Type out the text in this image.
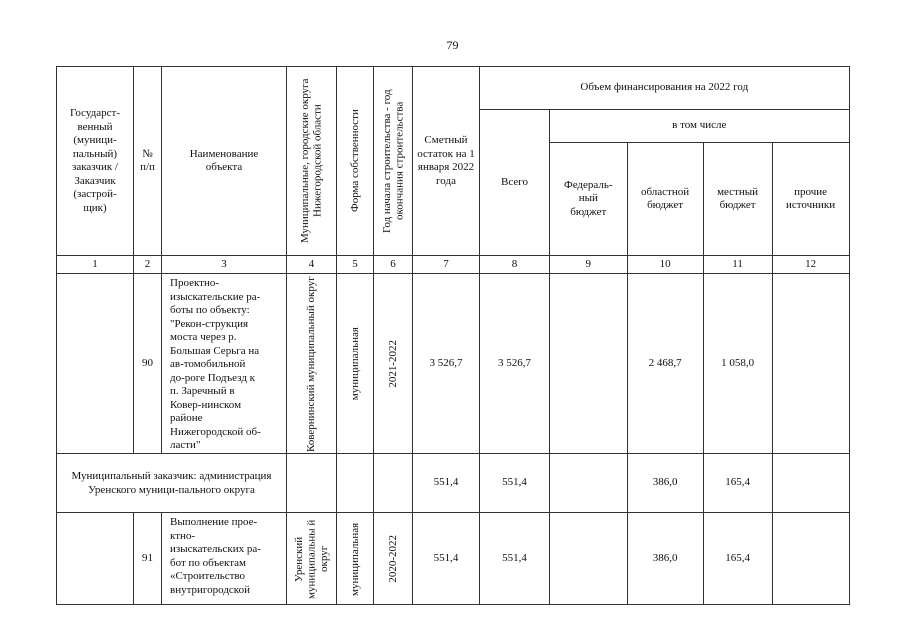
79
Государст-венный (муници-пальный) заказчик / Заказчик (застрой-щик)	№ п/п	Наименование объекта	Муниципальные, городские округа Нижегородской области	Форма собственности	Год начала строительства - год окончания строительства	Сметный остаток на 1 января 2022 года	Объем финансирования на 2022 год				
							Всего	в том числе			

								Федераль-ный бюджет	областной бюджет	местный бюджет	прочие источники

1	2	3	4	5	6	7	8	9	10	11	12
	90	Проектно-изыскательские ра-боты по объекту: "Рекон-струкция моста через р. Большая Серьга на ав-томобильной до-роге Подъезд к п. Заречный в Ковер-нинском районе Нижегородской об-ласти"	Ковернинский муниципальный округ	муниципальная	2021-2022	3 526,7	3 526,7		2 468,7	1 058,0	
Муниципальный заказчик: администрация Уренского муници-пального округа						551,4	551,4		386,0	165,4	
	91	Выполнение прое-ктно-изыскательских ра-бот по объектам «Строительство внутригородской	Уренский муниципальны й округ	муниципальная	2020-2022	551,4	551,4		386,0	165,4	
